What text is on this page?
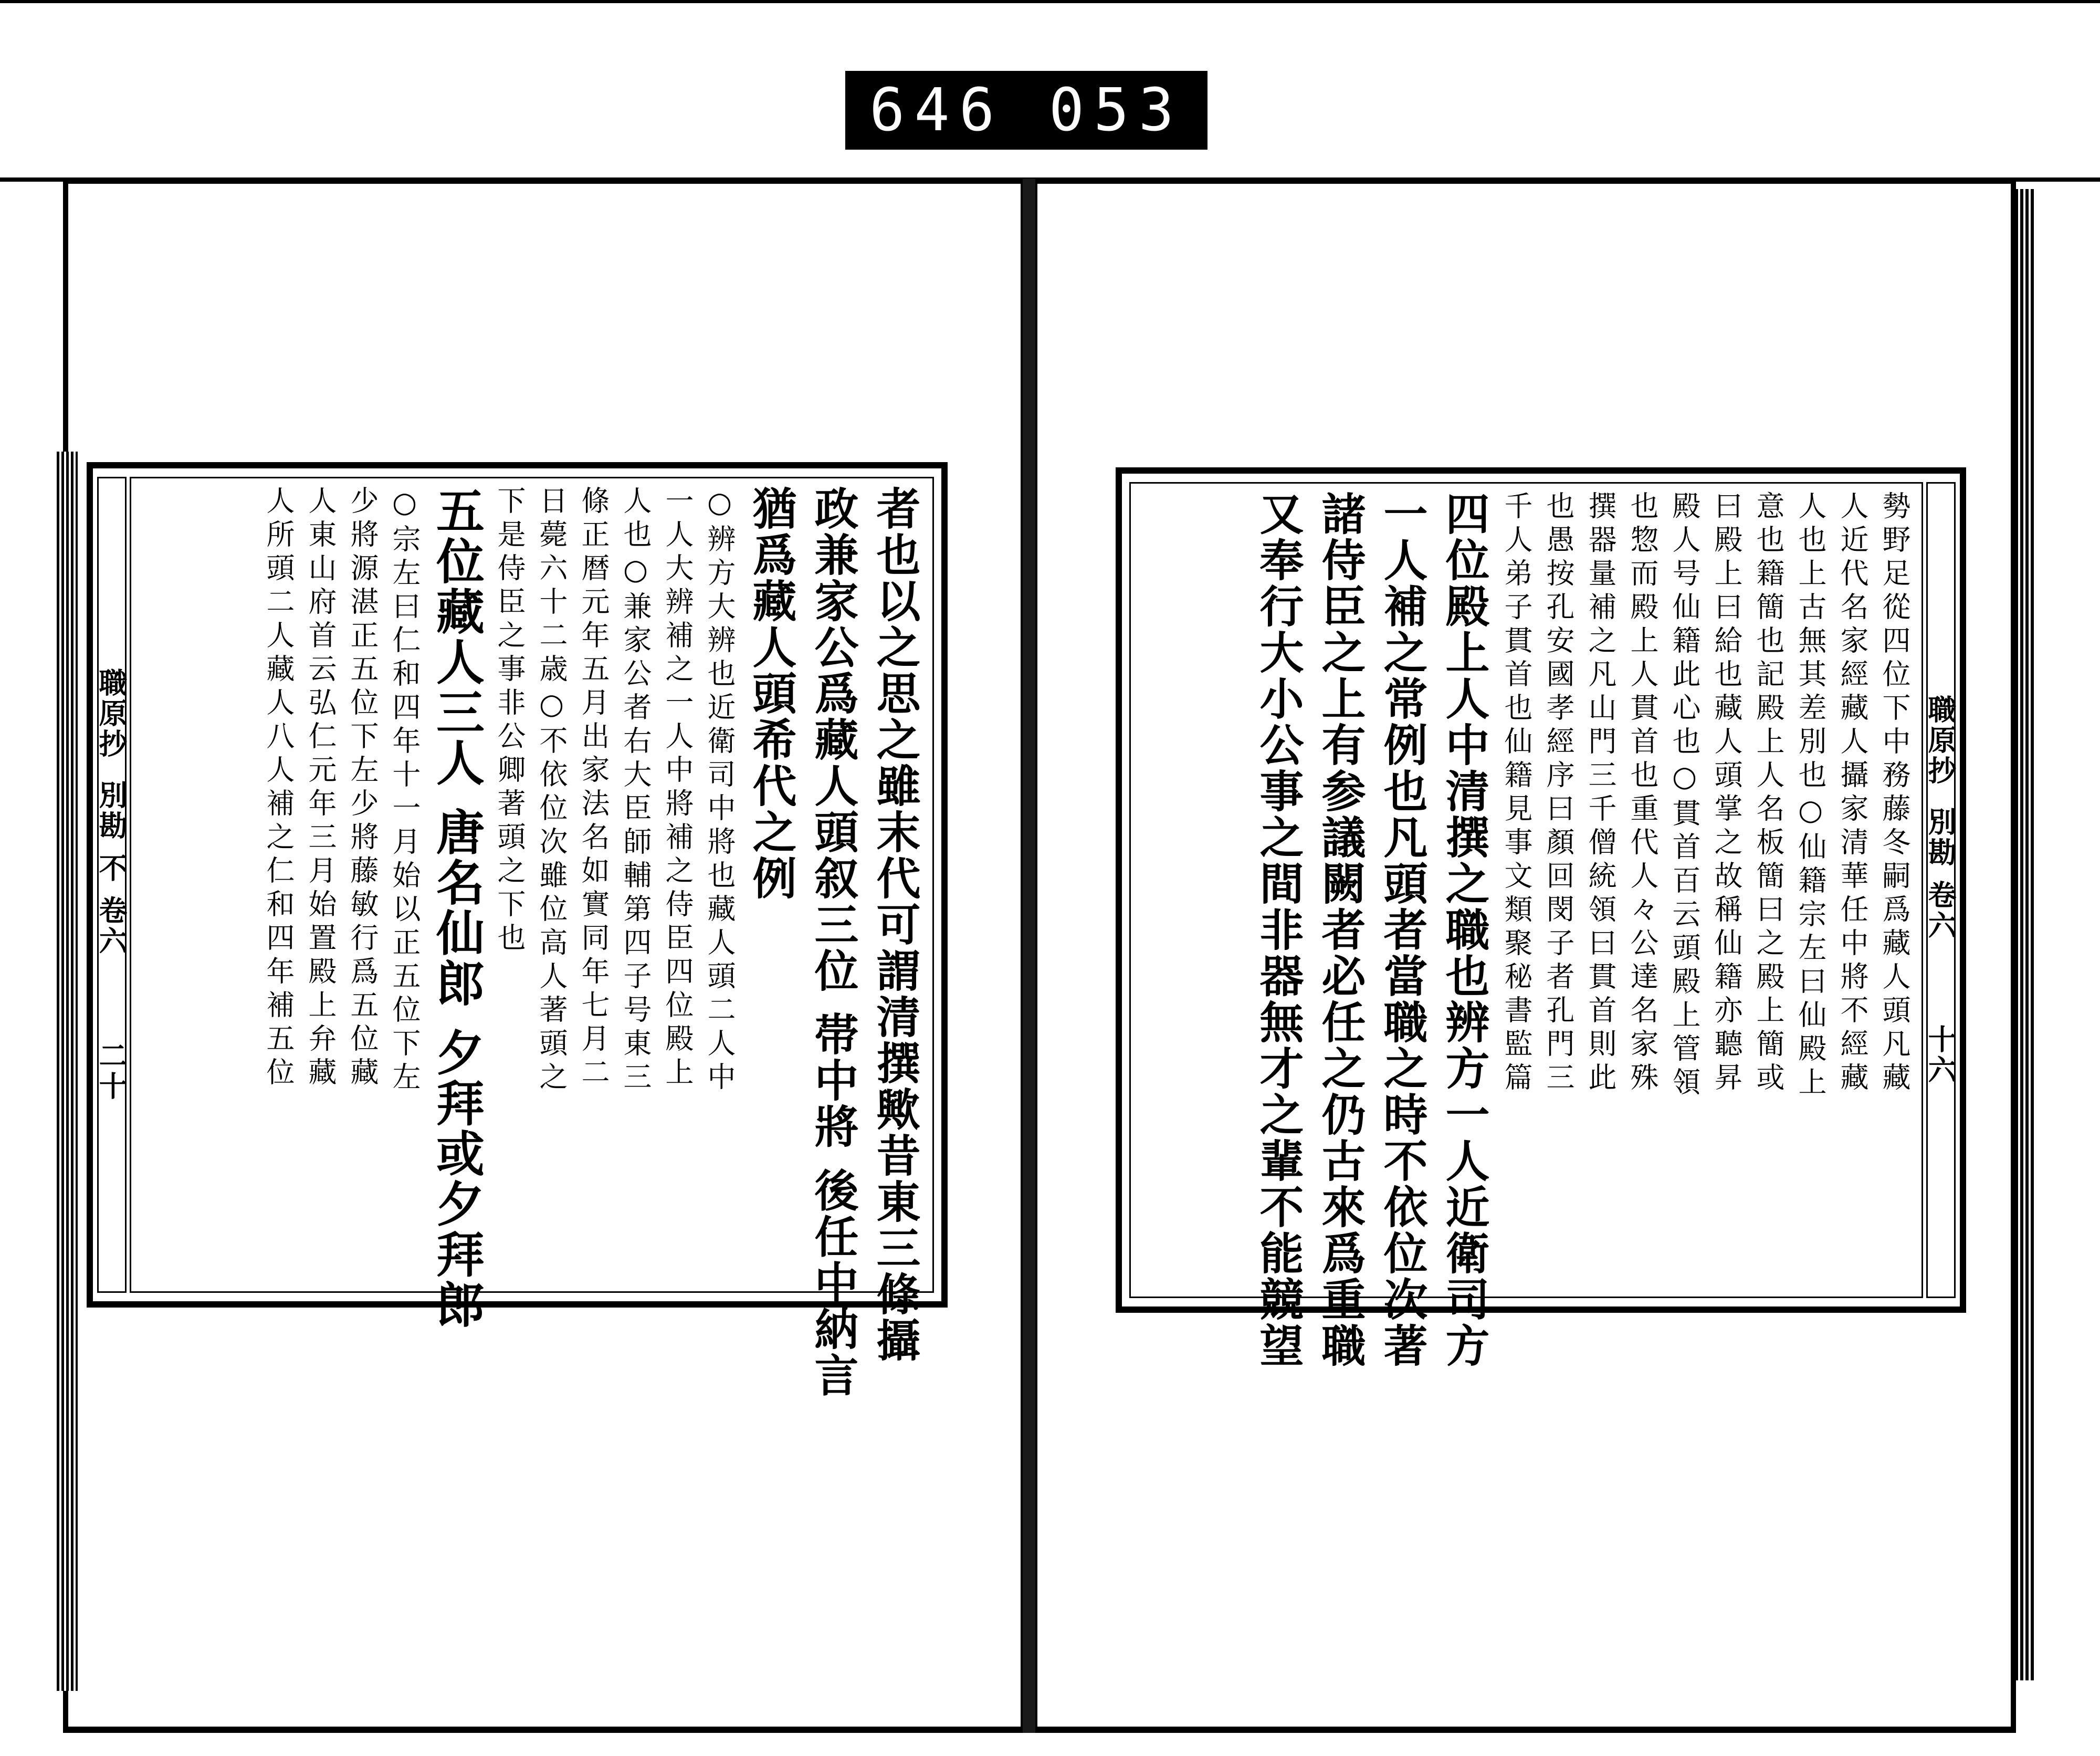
646 053
職原抄
別勘 不 卷六
二十	者也以之思之雖末代可謂清撰歟昔東三條攝
政兼家公爲藏人頭叙三位 帯中將 後任中納言
猶爲藏人頭希代之例
○辨方大辨也近衛司中將也藏人頭二人中
一人大辨補之一人中將補之侍臣四位殿上
人也○兼家公者右大臣師輔第四子号東三
條正暦元年五月出家法名如實同年七月二
日薨六十二歳○不依位次雖位高人著頭之
下是侍臣之事非公卿著頭之下也
五位藏人三人 唐名仙郎 夕拜或夕拜郎
○宗左曰仁和四年十一月始以正五位下左
少將源湛正五位下左少將藤敏行爲五位藏
人東山府首云弘仁元年三月始置殿上弁藏
人所頭二人藏人八人補之仁和四年補五位	職原抄
別勘 卷六
十六
勢野足從四位下中務藤冬嗣爲藏人頭凡藏
人近代名家經藏人攝家清華任中將不經藏
人也上古無其差別也○仙籍宗左曰仙殿上
意也籍簡也記殿上人名板簡曰之殿上簡或
曰殿上曰給也藏人頭掌之故稱仙籍亦聽昇
殿人号仙籍此心也○貫首百云頭殿上管領
也惣而殿上人貫首也重代人々公達名家殊
撰器量補之凡山門三千僧統領曰貫首則此
也愚按孔安國孝經序曰顏回閔子者孔門三
千人弟子貫首也仙籍見事文類聚秘書監篇
四位殿上人中清撰之職也辨方一人近衛司方
一人補之常例也凡頭者當職之時不依位次著
諸侍臣之上有参議闕者必任之仍古來爲重職
又奉行大小公事之間非器無才之輩不能競望
